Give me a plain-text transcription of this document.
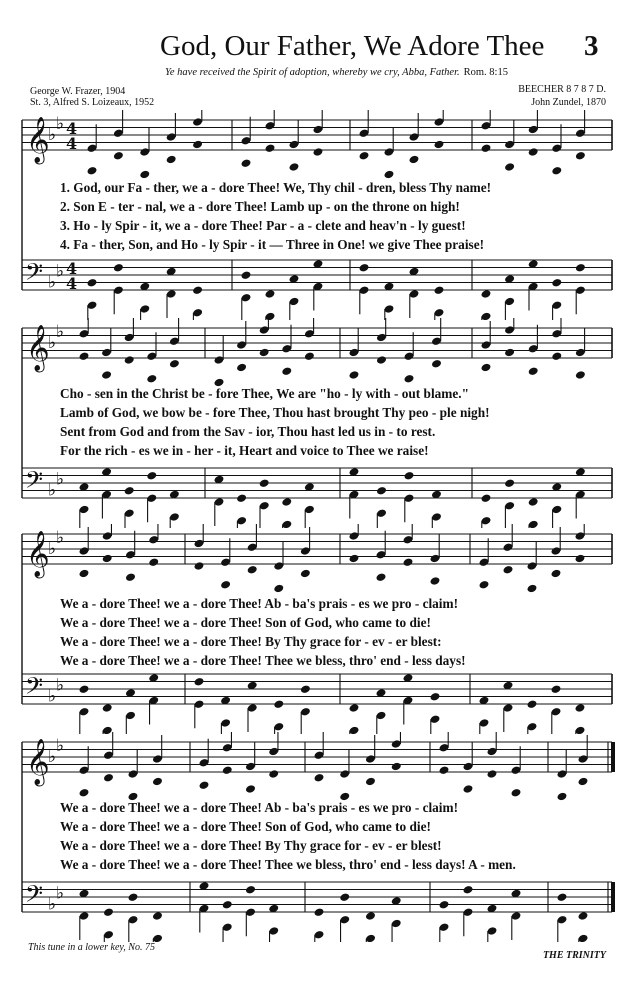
God, Our Father, We Adore Thee 3
Ye have received the Spirit of adoption, whereby we cry, Abba, Father. Rom. 8:15
George W. Frazer, 1904
St. 3, Alfred S. Loizeaux, 1952
BEECHER 8 7 8 7 D.
John Zundel, 1870
𝄞
𝄢
♭
♭
♭
♭
4
4
4
4
1. God, our Fa - ther, we a - dore Thee! We, Thy chil - dren, bless Thy name!
2. Son E - ter - nal, we a - dore Thee! Lamb up - on the throne on high!
3. Ho - ly Spir - it, we a - dore Thee! Par - a - clete and heav'n - ly guest!
4. Fa - ther, Son, and Ho - ly Spir - it — Three in One! we give Thee praise!
𝄞
𝄢
♭
♭
♭
♭
Cho - sen in the Christ be - fore Thee, We are "ho - ly with - out blame."
Lamb of God, we bow be - fore Thee, Thou hast brought Thy peo - ple nigh!
Sent from God and from the Sav - ior, Thou hast led us in - to rest.
For the rich - es we in - her - it, Heart and voice to Thee we raise!
𝄞
𝄢
♭
♭
♭
♭
We a - dore Thee! we a - dore Thee! Ab - ba's prais - es we pro - claim!
We a - dore Thee! we a - dore Thee! Son of God, who came to die!
We a - dore Thee! we a - dore Thee! By Thy grace for - ev - er blest:
We a - dore Thee! we a - dore Thee! Thee we bless, thro' end - less days!
𝄞
𝄢
♭
♭
♭
♭
We a - dore Thee! we a - dore Thee! Ab - ba's prais - es we pro - claim!
We a - dore Thee! we a - dore Thee! Son of God, who came to die!
We a - dore Thee! we a - dore Thee! By Thy grace for - ev - er blest!
We a - dore Thee! we a - dore Thee! Thee we bless, thro' end - less days! A - men.
This tune in a lower key, No. 75
THE TRINITY
